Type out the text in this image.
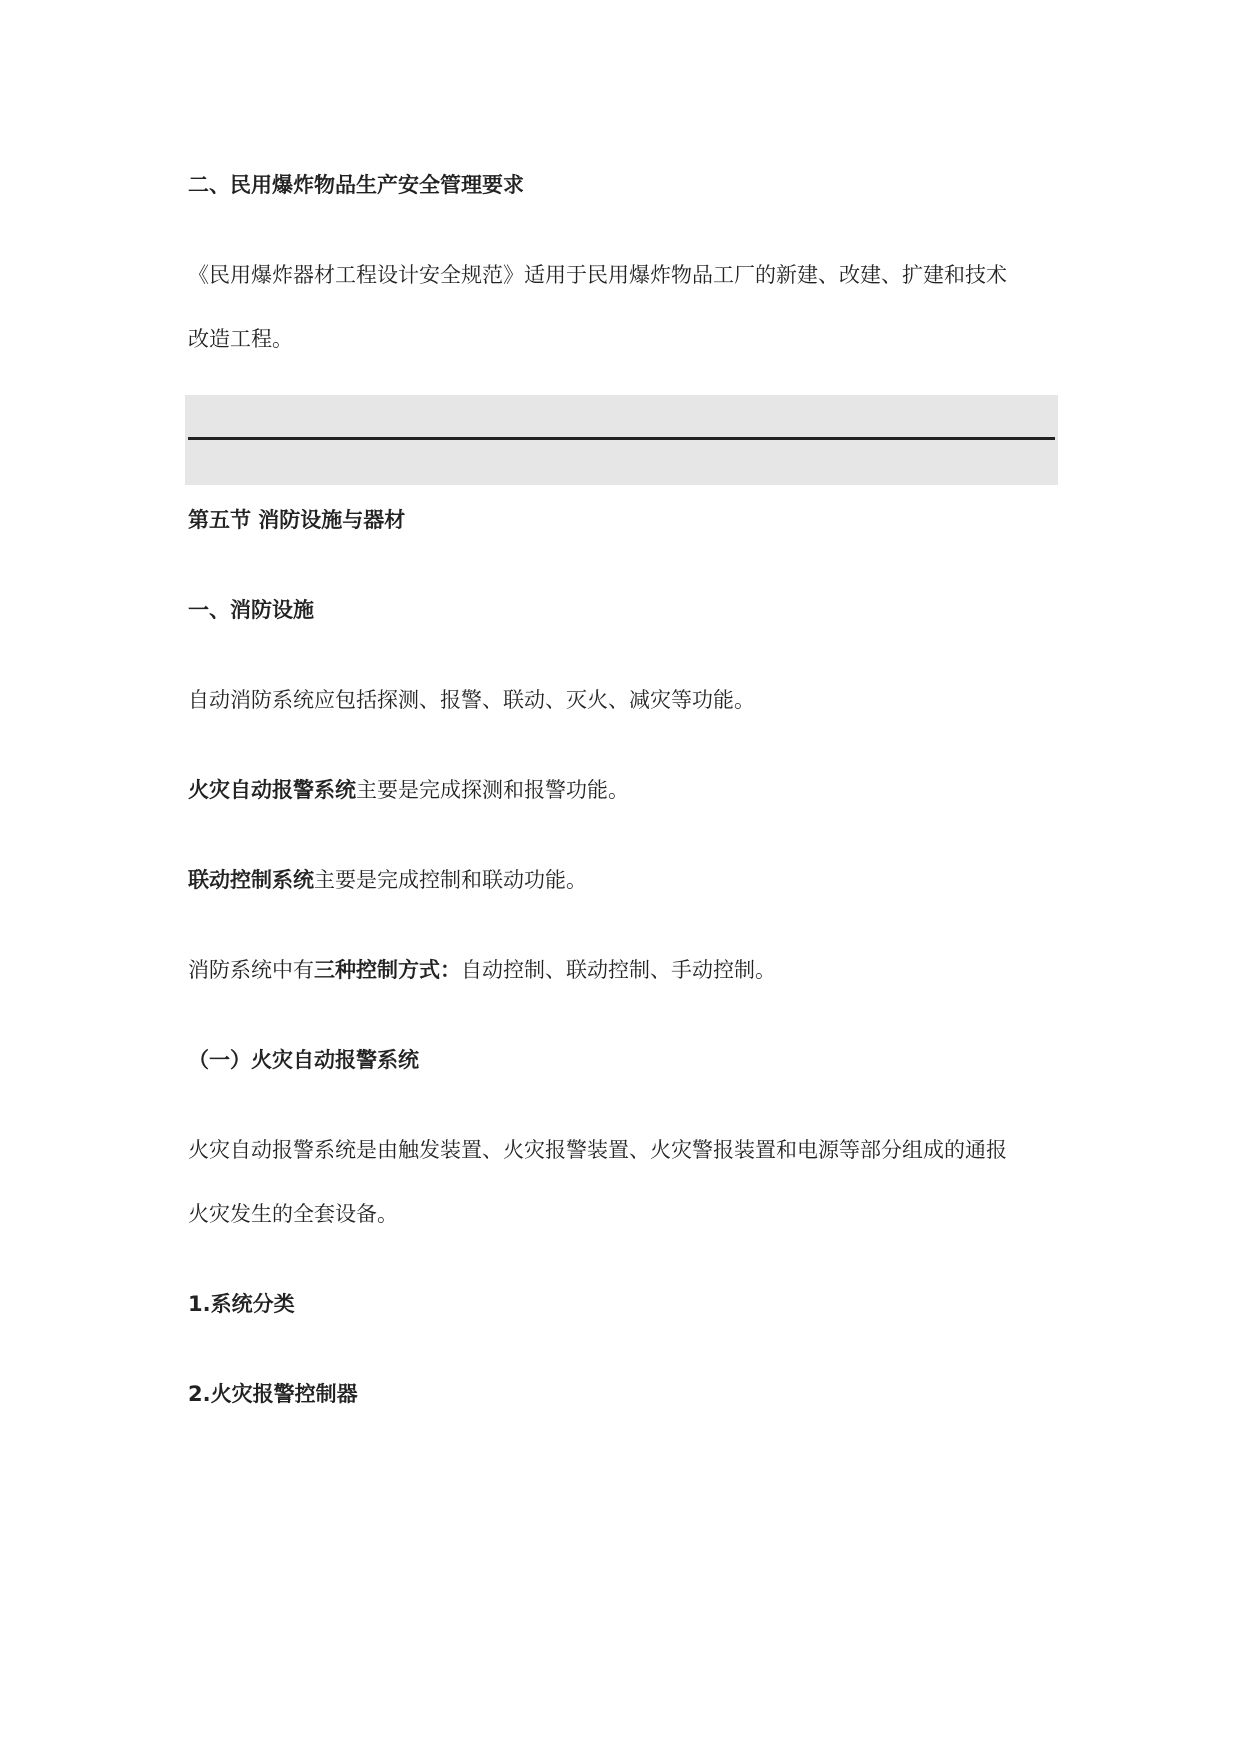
二、民用爆炸物品生产安全管理要求

《民用爆炸器材工程设计安全规范》适用于民用爆炸物品工厂的新建、改建、扩建和技术

改造工程。

第五节 消防设施与器材

一、消防设施

自动消防系统应包括探测、报警、联动、灭火、减灾等功能。

火灾自动报警系统主要是完成探测和报警功能。

联动控制系统主要是完成控制和联动功能。

消防系统中有三种控制方式：自动控制、联动控制、手动控制。

（一）火灾自动报警系统

火灾自动报警系统是由触发装置、火灾报警装置、火灾警报装置和电源等部分组成的通报

火灾发生的全套设备。

1.系统分类

2.火灾报警控制器
